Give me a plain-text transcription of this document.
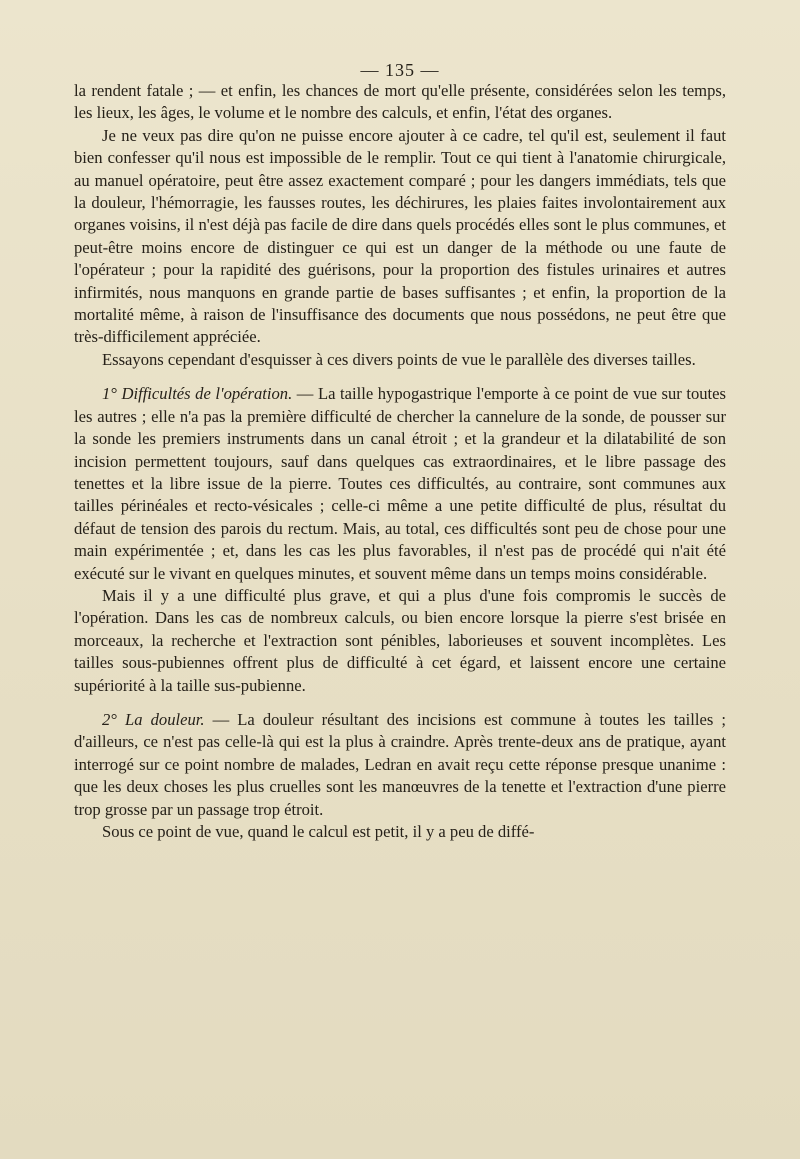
— 135 —

la rendent fatale ; — et enfin, les chances de mort qu'elle présente, considérées selon les temps, les lieux, les âges, le volume et le nombre des calculs, et enfin, l'état des organes.

Je ne veux pas dire qu'on ne puisse encore ajouter à ce cadre, tel qu'il est, seulement il faut bien confesser qu'il nous est impossible de le remplir. Tout ce qui tient à l'anatomie chirurgicale, au manuel opératoire, peut être assez exactement comparé ; pour les dangers immédiats, tels que la douleur, l'hémorragie, les fausses routes, les déchirures, les plaies faites involontairement aux organes voisins, il n'est déjà pas facile de dire dans quels procédés elles sont le plus communes, et peut-être moins encore de distinguer ce qui est un danger de la méthode ou une faute de l'opérateur ; pour la rapidité des guérisons, pour la proportion des fistules urinaires et autres infirmités, nous manquons en grande partie de bases suffisantes ; et enfin, la proportion de la mortalité même, à raison de l'insuffisance des documents que nous possédons, ne peut être que très-difficilement appréciée.

Essayons cependant d'esquisser à ces divers points de vue le parallèle des diverses tailles.

1° Difficultés de l'opération. — La taille hypogastrique l'emporte à ce point de vue sur toutes les autres ; elle n'a pas la première difficulté de chercher la cannelure de la sonde, de pousser sur la sonde les premiers instruments dans un canal étroit ; et la grandeur et la dilatabilité de son incision permettent toujours, sauf dans quelques cas extraordinaires, et le libre passage des tenettes et la libre issue de la pierre. Toutes ces difficultés, au contraire, sont communes aux tailles périnéales et recto-vésicales ; celle-ci même a une petite difficulté de plus, résultat du défaut de tension des parois du rectum. Mais, au total, ces difficultés sont peu de chose pour une main expérimentée ; et, dans les cas les plus favorables, il n'est pas de procédé qui n'ait été exécuté sur le vivant en quelques minutes, et souvent même dans un temps moins considérable.

Mais il y a une difficulté plus grave, et qui a plus d'une fois compromis le succès de l'opération. Dans les cas de nombreux calculs, ou bien encore lorsque la pierre s'est brisée en morceaux, la recherche et l'extraction sont pénibles, laborieuses et souvent incomplètes. Les tailles sous-pubiennes offrent plus de difficulté à cet égard, et laissent encore une certaine supériorité à la taille sus-pubienne.

2° La douleur. — La douleur résultant des incisions est commune à toutes les tailles ; d'ailleurs, ce n'est pas celle-là qui est la plus à craindre. Après trente-deux ans de pratique, ayant interrogé sur ce point nombre de malades, Ledran en avait reçu cette réponse presque unanime : que les deux choses les plus cruelles sont les manœuvres de la tenette et l'extraction d'une pierre trop grosse par un passage trop étroit.

Sous ce point de vue, quand le calcul est petit, il y a peu de diffé-
